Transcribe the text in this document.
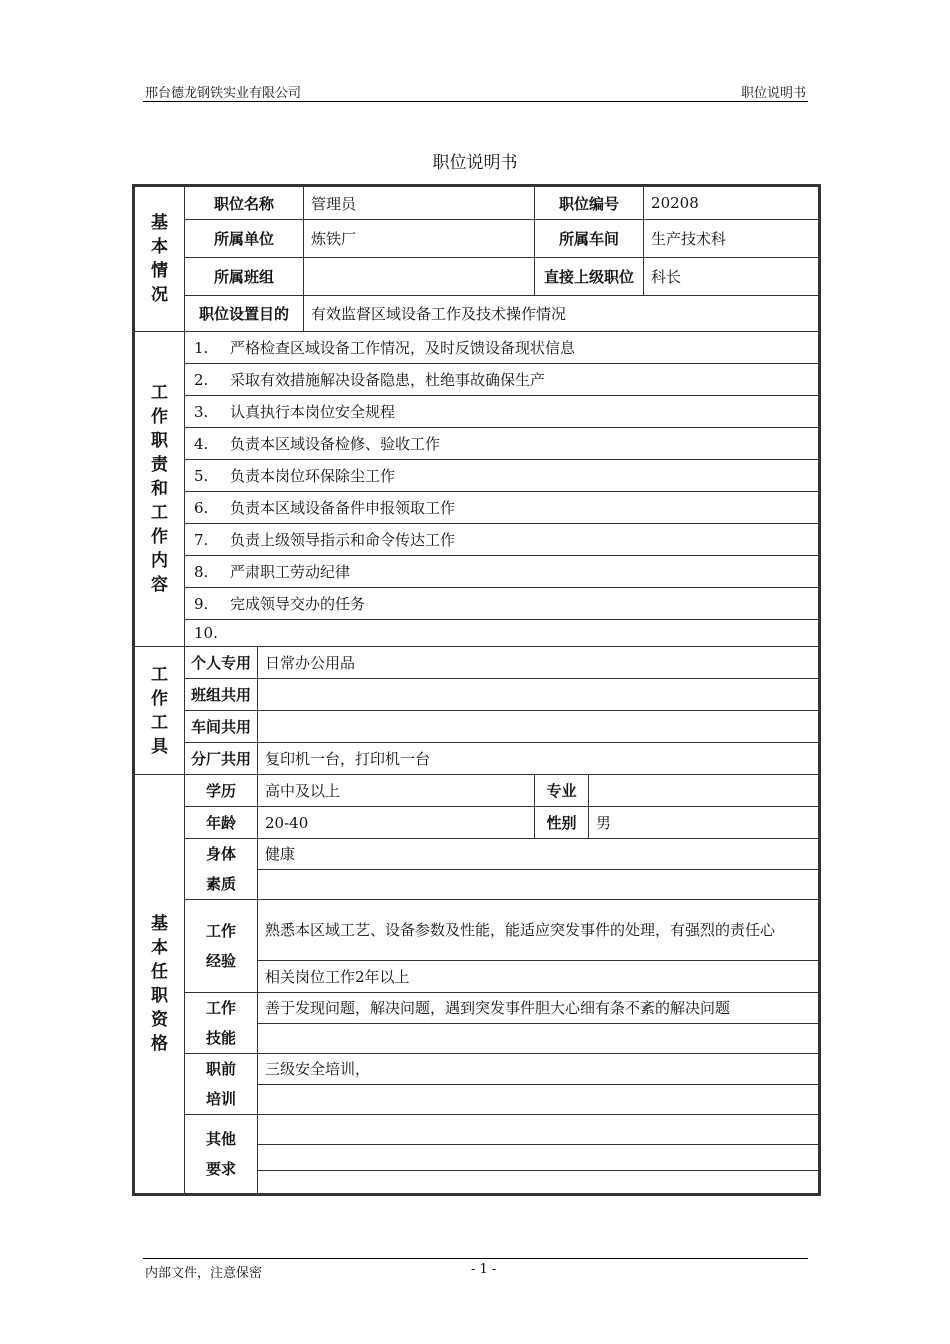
邢台德龙钢铁实业有限公司	职位说明书
职位说明书
基本情况	职位名称		管理员	职位编号		20208
	所属单位		炼铁厂	所属车间		生产技术科
	所属班组			直接上级职位		科长
	职位设置目的		有效监督区域设备工作及技术操作情况			
工作职责和工作内容	1. 严格检查区域设备工作情况，及时反馈设备现状信息					
	2. 采取有效措施解决设备隐患，杜绝事故确保生产					
	3. 认真执行本岗位安全规程					
	4. 负责本区域设备检修、验收工作					
	5. 负责本岗位环保除尘工作					
	6. 负责本区域设备备件申报领取工作					
	7. 负责上级领导指示和命令传达工作					
	8. 严肃职工劳动纪律					
	9. 完成领导交办的任务					
	10.					
工作工具	个人专用	日常办公用品				
	班组共用					
	车间共用					
	分厂共用	复印机一台，打印机一台				
基本任职资格	学历	高中及以上		专业		
	年龄	20-40		性别	男	
	身体素质	健康				

	工作经验	熟悉本区域工艺、设备参数及性能，能适应突发事件的处理，有强烈的责任心				
		相关岗位工作2年以上				
	工作技能	善于发现问题，解决问题，遇到突发事件胆大心细有条不紊的解决问题				

	职前培训	三级安全培训，				

	其他要求					

内部文件，注意保密	- 1 -
